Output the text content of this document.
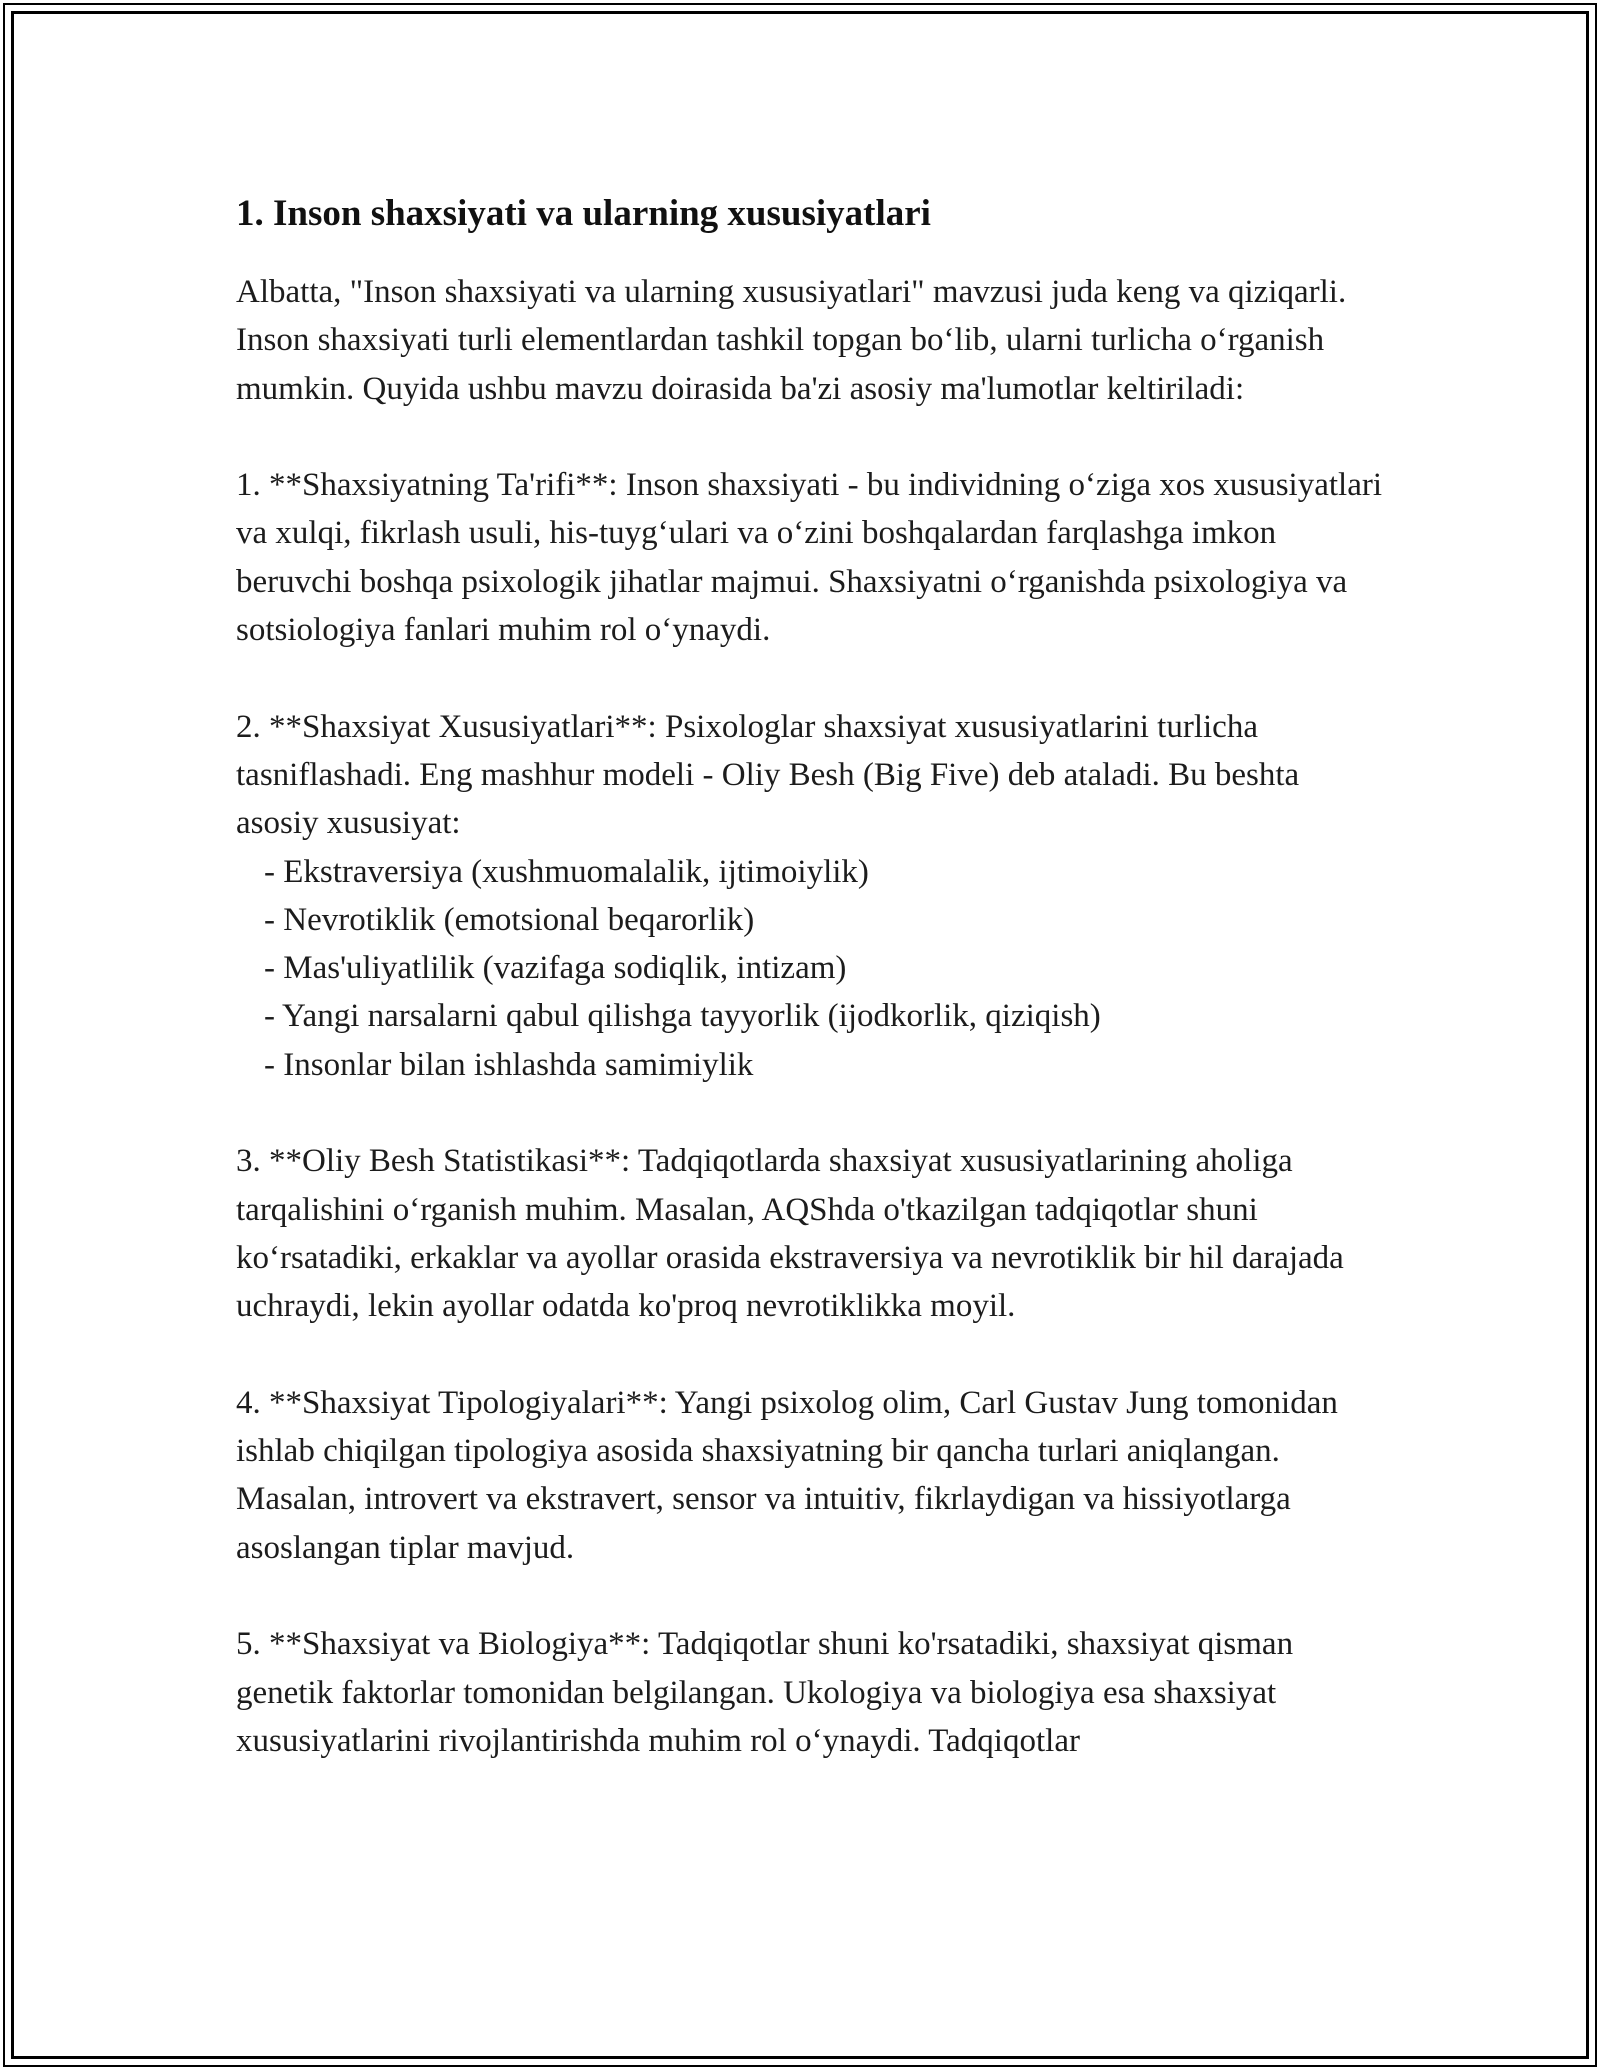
1. Inson shaxsiyati va ularning xususiyatlari

Albatta, "Inson shaxsiyati va ularning xususiyatlari" mavzusi juda keng va qiziqarli. Inson shaxsiyati turli elementlardan tashkil topgan bo‘lib, ularni turlicha o‘rganish mumkin. Quyida ushbu mavzu doirasida ba'zi asosiy ma'lumotlar keltiriladi:

1. **Shaxsiyatning Ta'rifi**: Inson shaxsiyati - bu individning o‘ziga xos xususiyatlari va xulqi, fikrlash usuli, his-tuyg‘ulari va o‘zini boshqalardan farqlashga imkon beruvchi boshqa psixologik jihatlar majmui. Shaxsiyatni o‘rganishda psixologiya va sotsiologiya fanlari muhim rol o‘ynaydi.

2. **Shaxsiyat Xususiyatlari**: Psixologlar shaxsiyat xususiyatlarini turlicha tasniflashadi. Eng mashhur modeli - Oliy Besh (Big Five) deb ataladi. Bu beshta asosiy xususiyat:

- Ekstraversiya (xushmuomalalik, ijtimoiylik)
- Nevrotiklik (emotsional beqarorlik)
- Mas'uliyatlilik (vazifaga sodiqlik, intizam)
- Yangi narsalarni qabul qilishga tayyorlik (ijodkorlik, qiziqish)
- Insonlar bilan ishlashda samimiylik

3. **Oliy Besh Statistikasi**: Tadqiqotlarda shaxsiyat xususiyatlarining aholiga tarqalishini o‘rganish muhim. Masalan, AQShda o'tkazilgan tadqiqotlar shuni ko‘rsatadiki, erkaklar va ayollar orasida ekstraversiya va nevrotiklik bir hil darajada uchraydi, lekin ayollar odatda ko'proq nevrotiklikka moyil.

4. **Shaxsiyat Tipologiyalari**: Yangi psixolog olim, Carl Gustav Jung tomonidan ishlab chiqilgan tipologiya asosida shaxsiyatning bir qancha turlari aniqlangan. Masalan, introvert va ekstravert, sensor va intuitiv, fikrlaydigan va hissiyotlarga asoslangan tiplar mavjud.

5. **Shaxsiyat va Biologiya**: Tadqiqotlar shuni ko'rsatadiki, shaxsiyat qisman genetik faktorlar tomonidan belgilangan. Ukologiya va biologiya esa shaxsiyat xususiyatlarini rivojlantirishda muhim rol o‘ynaydi. Tadqiqotlar
